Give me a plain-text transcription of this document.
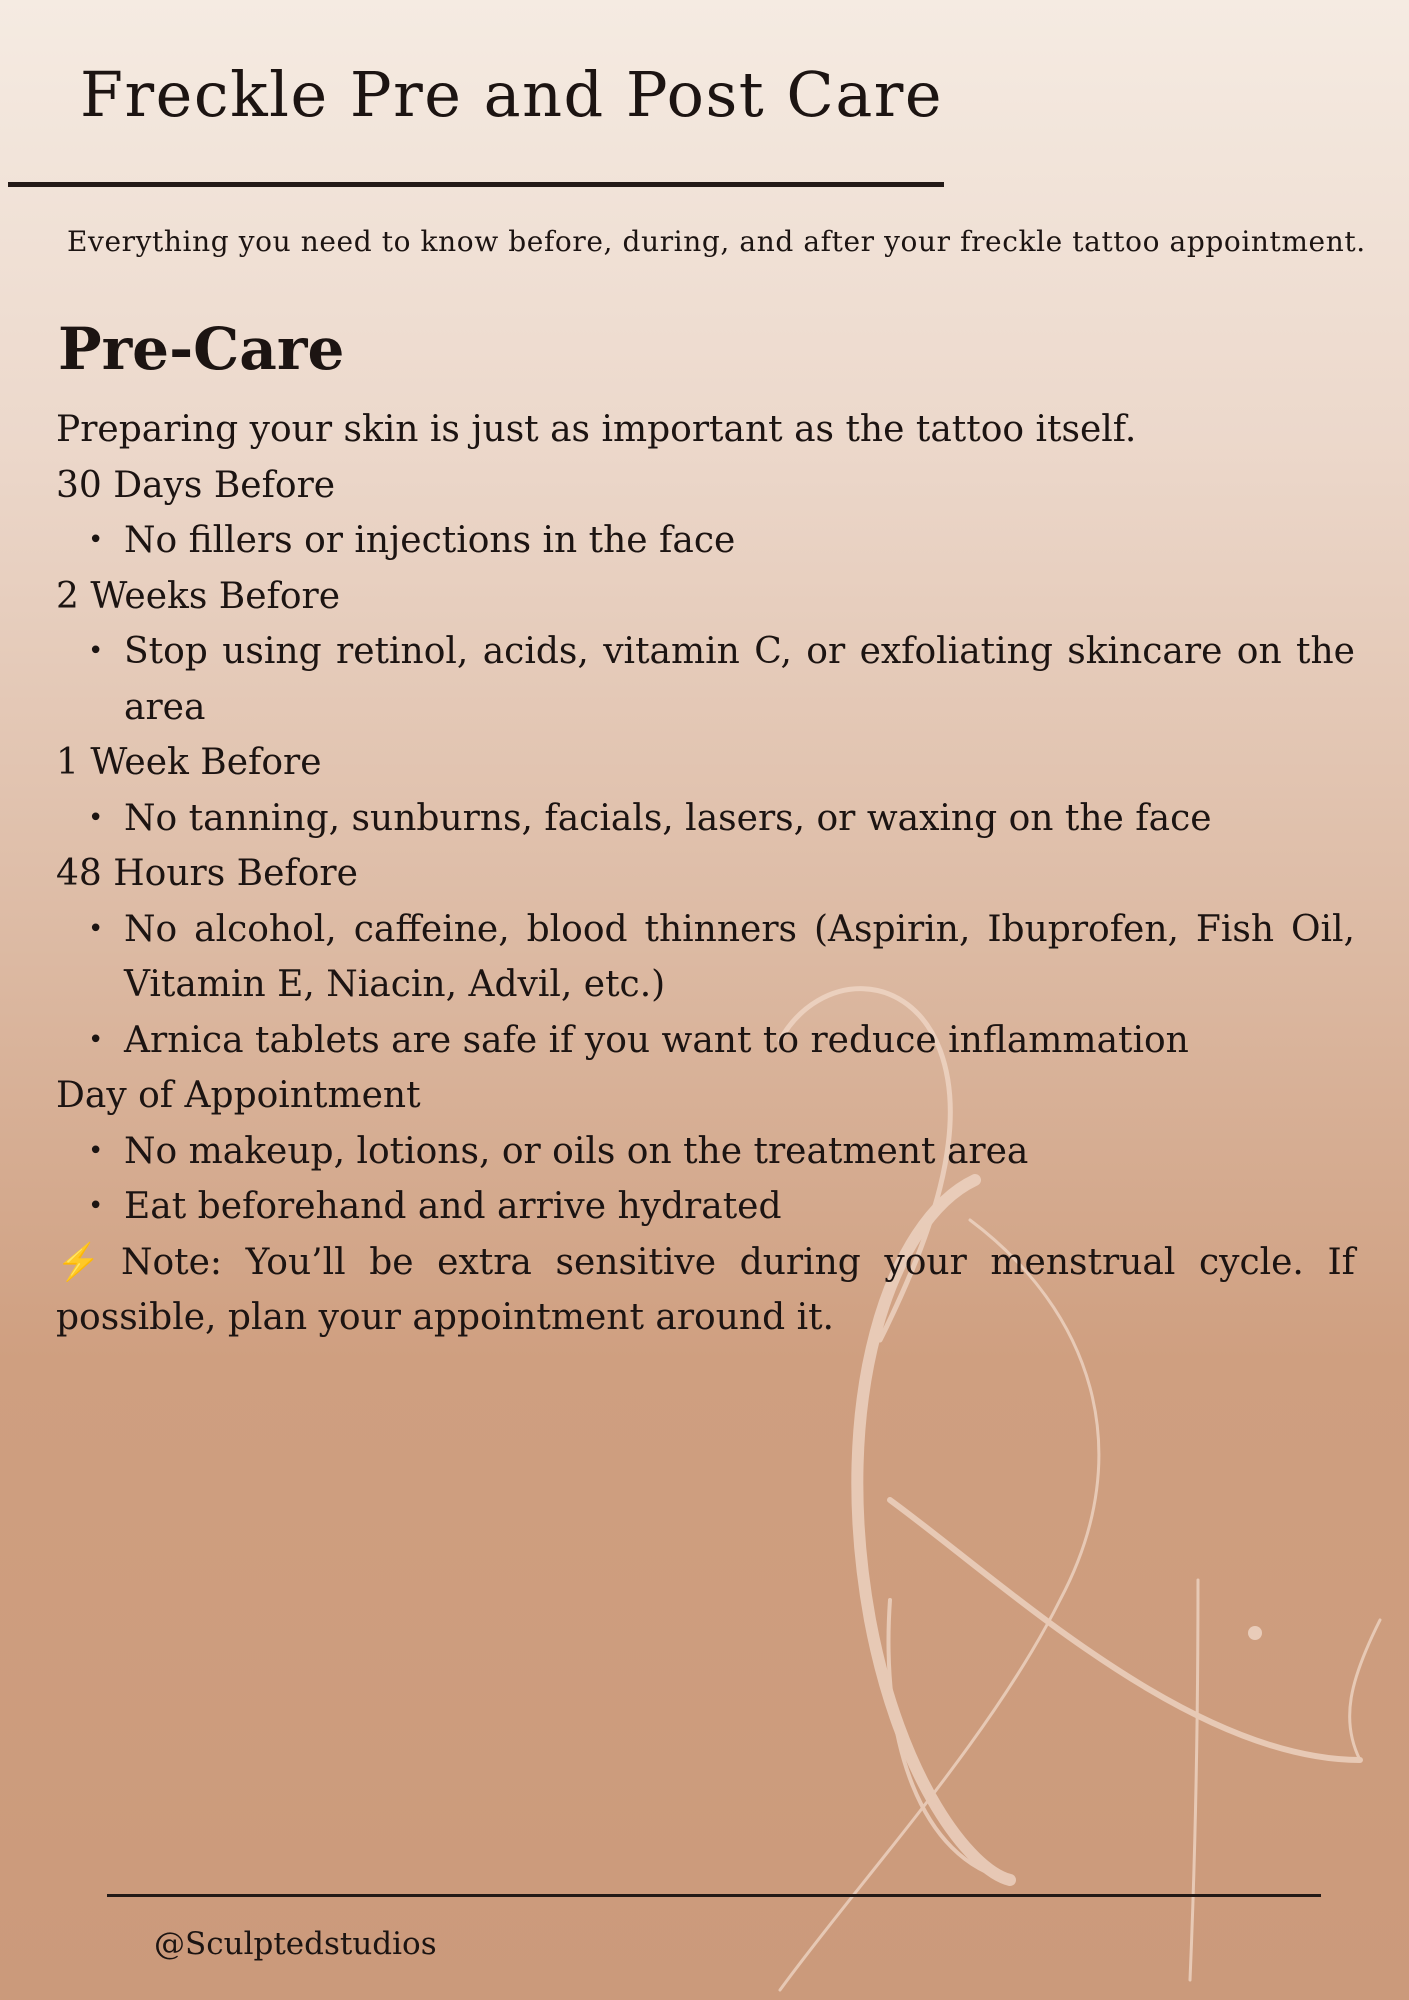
Freckle Pre and Post Care

Everything you need to know before, during, and after your freckle tattoo appointment.

Pre-Care

Preparing your skin is just as important as the tattoo itself.

30 Days Before

• No fillers or injections in the face

2 Weeks Before

• Stop using retinol, acids, vitamin C, or exfoliating skincare on the area

1 Week Before

• No tanning, sunburns, facials, lasers, or waxing on the face

48 Hours Before

• No alcohol, caffeine, blood thinners (Aspirin, Ibuprofen, Fish Oil, Vitamin E, Niacin, Advil, etc.)
• Arnica tablets are safe if you want to reduce inflammation

Day of Appointment

• No makeup, lotions, or oils on the treatment area
• Eat beforehand and arrive hydrated

⚡ Note: You’ll be extra sensitive during your menstrual cycle. If possible, plan your appointment around it.

@Sculptedstudios
